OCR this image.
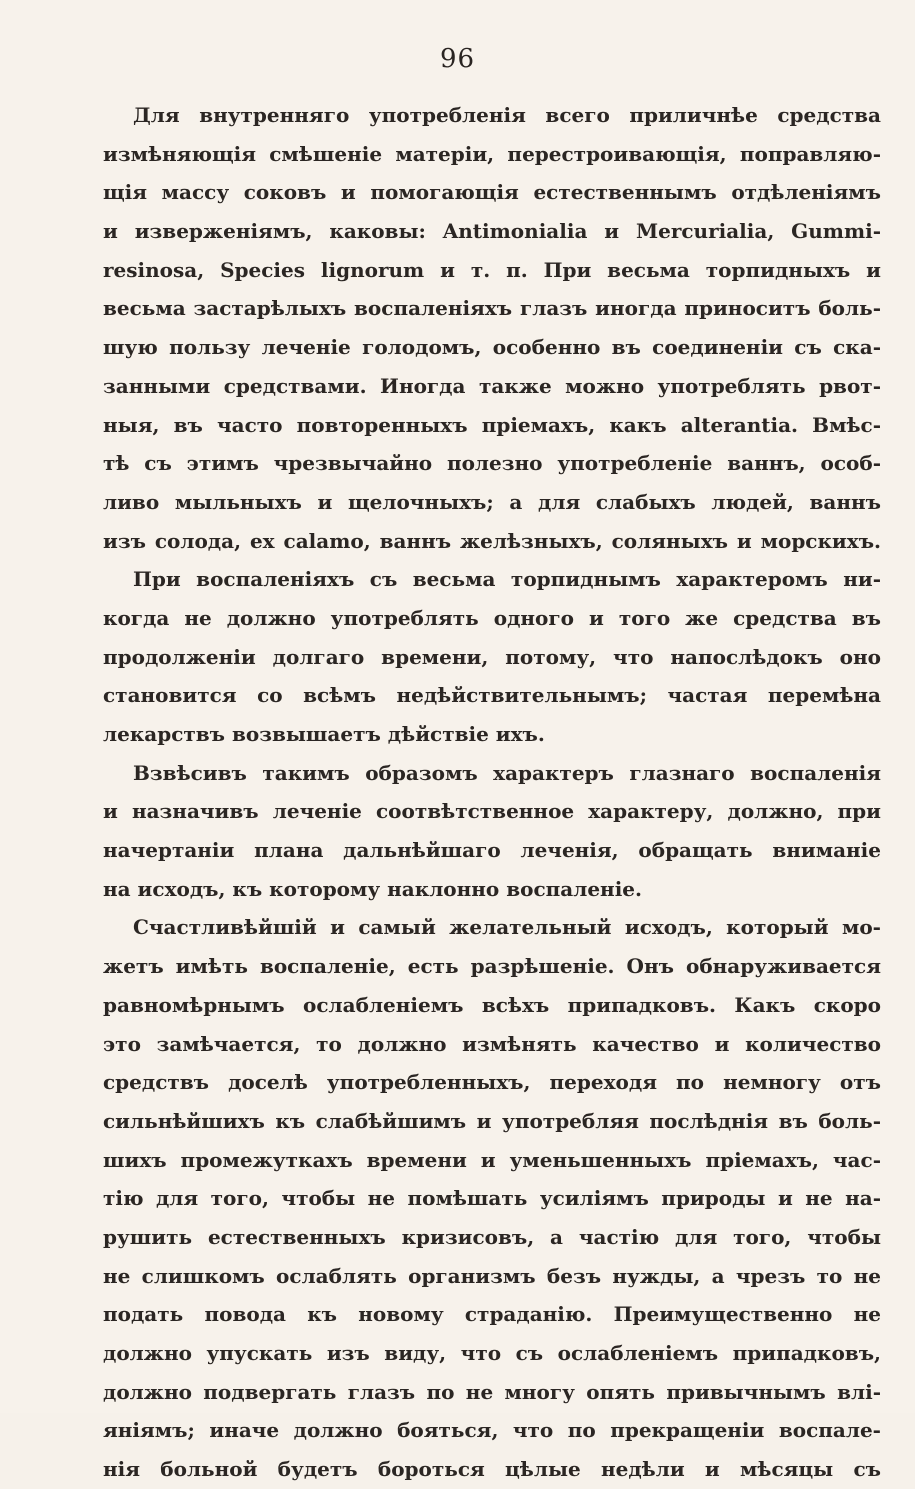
96
Для внутренняго употребленія всего приличнѣе средства
измѣняющія смѣшеніе матеріи, перестроивающія, поправляю-
щія массу соковъ и помогающія естественнымъ отдѣленіямъ
и изверженіямъ, каковы: Antimonialia и Mercurialia, Gummi-
resinosa, Species lignorum и т. п. При весьма торпидныхъ и
весьма застарѣлыхъ воспаленіяхъ глазъ иногда приноситъ боль-
шую пользу леченіе голодомъ, особенно въ соединеніи съ ска-
занными средствами. Иногда также можно употреблять рвот-
ныя, въ часто повторенныхъ пріемахъ, какъ alterantia. Вмѣс-
тѣ съ этимъ чрезвычайно полезно употребленіе ваннъ, особ-
ливо мыльныхъ и щелочныхъ; а для слабыхъ людей, ваннъ
изъ солода, ex calamo, ваннъ желѣзныхъ, соляныхъ и морскихъ.
При воспаленіяхъ съ весьма торпиднымъ характеромъ ни-
когда не должно употреблять одного и того же средства въ
продолженіи долгаго времени, потому, что напослѣдокъ оно
становится со всѣмъ недѣйствительнымъ; частая перемѣна
лекарствъ возвышаетъ дѣйствіе ихъ.
Взвѣсивъ такимъ образомъ характеръ глазнаго воспаленія
и назначивъ леченіе соотвѣтственное характеру, должно, при
начертаніи плана дальнѣйшаго леченія, обращать вниманіе
на исходъ, къ которому наклонно воспаленіе.
Счастливѣйшій и самый желательный исходъ, который мо-
жетъ имѣть воспаленіе, есть разрѣшеніе. Онъ обнаруживается
равномѣрнымъ ослабленіемъ всѣхъ припадковъ. Какъ скоро
это замѣчается, то должно измѣнять качество и количество
средствъ доселѣ употребленныхъ, переходя по немногу отъ
сильнѣйшихъ къ слабѣйшимъ и употребляя послѣднія въ боль-
шихъ промежуткахъ времени и уменьшенныхъ пріемахъ, час-
тію для того, чтобы не помѣшать усиліямъ природы и не на-
рушить естественныхъ кризисовъ, а частію для того, чтобы
не слишкомъ ослаблять организмъ безъ нужды, а чрезъ то не
подать повода къ новому страданію. Преимущественно не
должно упускать изъ виду, что съ ослабленіемъ припадковъ,
должно подвергать глазъ по не многу опять привычнымъ влі-
яніямъ; иначе должно бояться, что по прекращеніи воспале-
нія больной будетъ бороться цѣлые недѣли и мѣсяцы съ
